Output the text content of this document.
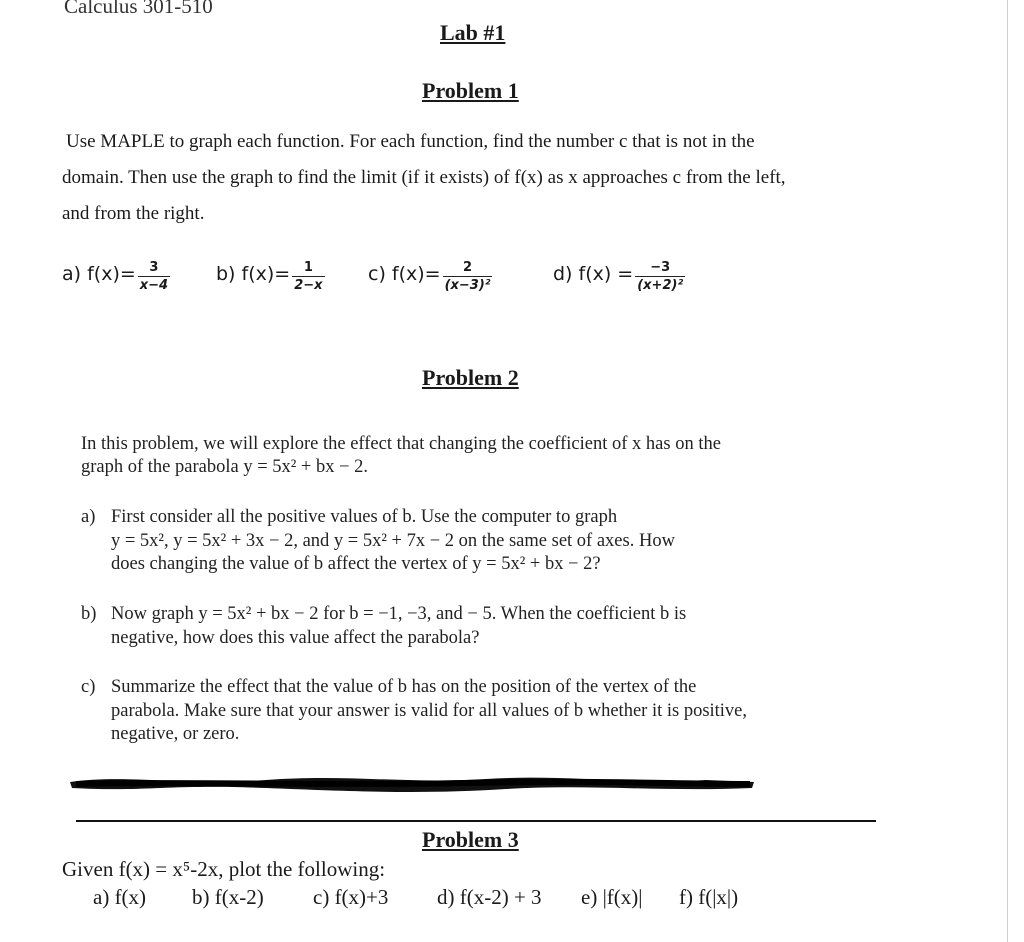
Calculus 301-510
Lab #1
Problem 1
Use MAPLE to graph each function. For each function, find the number c that is not in the
domain. Then use the graph to find the limit (if it exists) of f(x) as x approaches c from the left,
and from the right.
a) $f(x)= \frac{3}{x-4} b$) $f(x)= \frac{1}{2-x} c$) $f(x)= \frac{2}{\text{(x−3)²}}$	d) $f(x) = \frac{-3}{\text{(x+2)²}}$
Problem 2
In this problem, we will explore the effect that changing the coefficient of x has on the
graph of the parabola y = 5x² + bx − 2.
a) First consider all the positive values of b. Use the computer to graph
y = 5x², y = 5x² + 3x − 2, and y = 5x² + 7x − 2 on the same set of axes. How
does changing the value of b affect the vertex of y = 5x² + bx − 2?
b) Now graph y = 5x² + bx − 2 for b = −1, −3, and − 5. When the coefficient b is
negative, how does this value affect the parabola?
c) Summarize the effect that the value of b has on the position of the vertex of the
parabola. Make sure that your answer is valid for all values of b whether it is positive,
negative, or zero.
Problem 3
Given f(x) = x⁵-2x, plot the following:
a) f(x) b) f(x-2) c) f(x)+3 d) f(x-2) + 3 e) |f(x)| f) f(|x|)
